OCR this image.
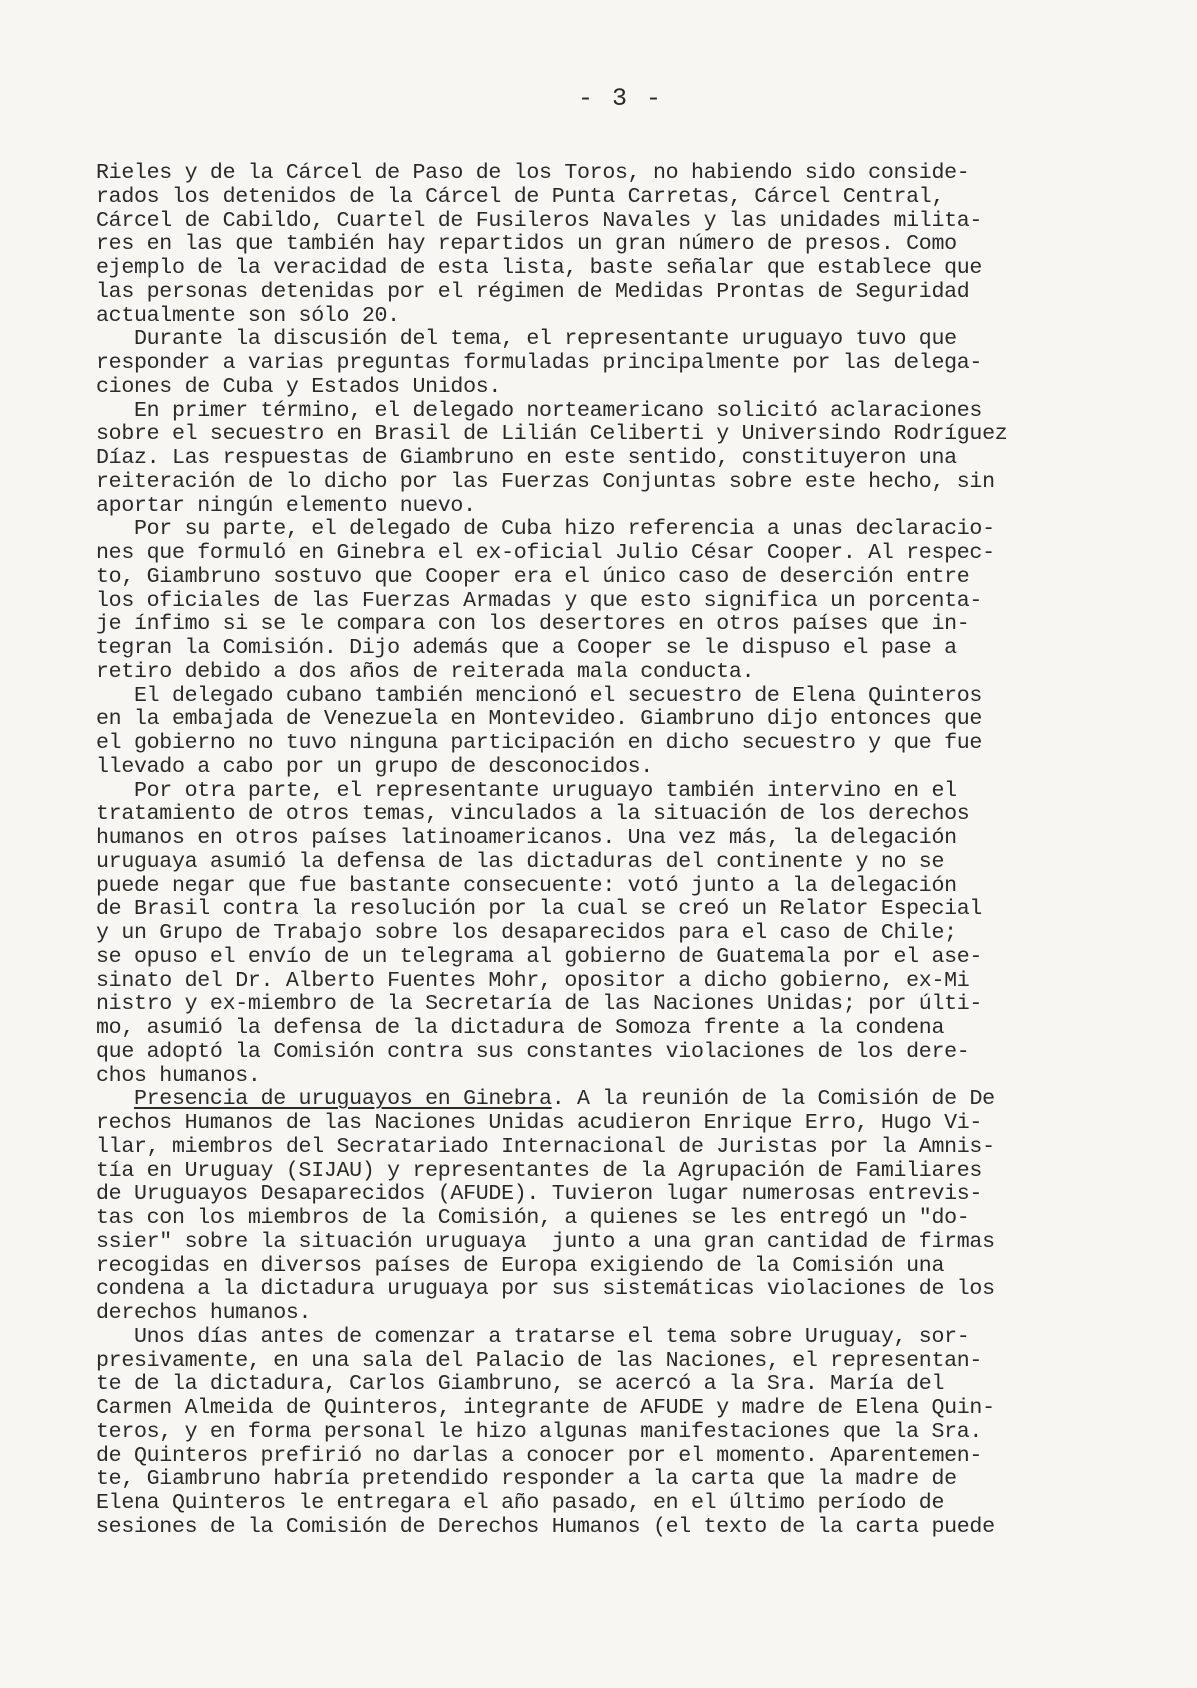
- 3 -
Rieles y de la Cárcel de Paso de los Toros, no habiendo sido conside-
rados los detenidos de la Cárcel de Punta Carretas, Cárcel Central,
Cárcel de Cabildo, Cuartel de Fusileros Navales y las unidades milita-
res en las que también hay repartidos un gran número de presos. Como
ejemplo de la veracidad de esta lista, baste señalar que establece que
las personas detenidas por el régimen de Medidas Prontas de Seguridad
actualmente son sólo 20.
Durante la discusión del tema, el representante uruguayo tuvo que
responder a varias preguntas formuladas principalmente por las delega-
ciones de Cuba y Estados Unidos.
En primer término, el delegado norteamericano solicitó aclaraciones
sobre el secuestro en Brasil de Lilián Celiberti y Universindo Rodríguez
Díaz. Las respuestas de Giambruno en este sentido, constituyeron una
reiteración de lo dicho por las Fuerzas Conjuntas sobre este hecho, sin
aportar ningún elemento nuevo.
Por su parte, el delegado de Cuba hizo referencia a unas declaracio-
nes que formuló en Ginebra el ex-oficial Julio César Cooper. Al respec-
to, Giambruno sostuvo que Cooper era el único caso de deserción entre
los oficiales de las Fuerzas Armadas y que esto significa un porcenta-
je ínfimo si se le compara con los desertores en otros países que in-
tegran la Comisión. Dijo además que a Cooper se le dispuso el pase a
retiro debido a dos años de reiterada mala conducta.
El delegado cubano también mencionó el secuestro de Elena Quinteros
en la embajada de Venezuela en Montevideo. Giambruno dijo entonces que
el gobierno no tuvo ninguna participación en dicho secuestro y que fue
llevado a cabo por un grupo de desconocidos.
Por otra parte, el representante uruguayo también intervino en el
tratamiento de otros temas, vinculados a la situación de los derechos
humanos en otros países latinoamericanos. Una vez más, la delegación
uruguaya asumió la defensa de las dictaduras del continente y no se
puede negar que fue bastante consecuente: votó junto a la delegación
de Brasil contra la resolución por la cual se creó un Relator Especial
y un Grupo de Trabajo sobre los desaparecidos para el caso de Chile;
se opuso el envío de un telegrama al gobierno de Guatemala por el ase-
sinato del Dr. Alberto Fuentes Mohr, opositor a dicho gobierno, ex-Mi
nistro y ex-miembro de la Secretaría de las Naciones Unidas; por últi-
mo, asumió la defensa de la dictadura de Somoza frente a la condena
que adoptó la Comisión contra sus constantes violaciones de los dere-
chos humanos.
Presencia de uruguayos en Ginebra. A la reunión de la Comisión de De
rechos Humanos de las Naciones Unidas acudieron Enrique Erro, Hugo Vi-
llar, miembros del Secratariado Internacional de Juristas por la Amnis-
tía en Uruguay (SIJAU) y representantes de la Agrupación de Familiares
de Uruguayos Desaparecidos (AFUDE). Tuvieron lugar numerosas entrevis-
tas con los miembros de la Comisión, a quienes se les entregó un "do-
ssier" sobre la situación uruguaya  junto a una gran cantidad de firmas
recogidas en diversos países de Europa exigiendo de la Comisión una
condena a la dictadura uruguaya por sus sistemáticas violaciones de los
derechos humanos.
Unos días antes de comenzar a tratarse el tema sobre Uruguay, sor-
presivamente, en una sala del Palacio de las Naciones, el representan-
te de la dictadura, Carlos Giambruno, se acercó a la Sra. María del
Carmen Almeida de Quinteros, integrante de AFUDE y madre de Elena Quin-
teros, y en forma personal le hizo algunas manifestaciones que la Sra.
de Quinteros prefirió no darlas a conocer por el momento. Aparentemen-
te, Giambruno habría pretendido responder a la carta que la madre de
Elena Quinteros le entregara el año pasado, en el último período de
sesiones de la Comisión de Derechos Humanos (el texto de la carta puede
